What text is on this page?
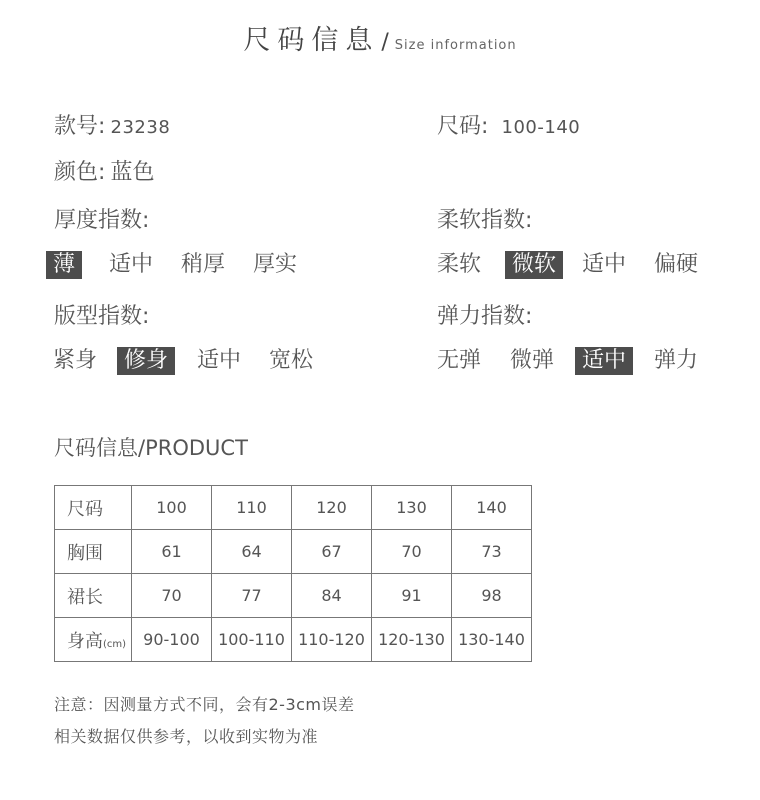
尺码信息/ Size information
款号: 23238	尺码: 100-140
颜色: 蓝色
厚度指数:	柔软指数:
薄	适中	稍厚	厚实	柔软	微软	适中	偏硬
版型指数:	弹力指数:
紧身	修身	适中	宽松	无弹	微弹	适中	弹力
尺码信息/PRODUCT
尺码	100	110	120	130	140
胸围	61	64	67	70	73
裙长	70	77	84	91	98
身高(cm)	90-100	100-110	110-120	120-130	130-140
注意：因测量方式不同，会有2-3cm误差
相关数据仅供参考，以收到实物为准
